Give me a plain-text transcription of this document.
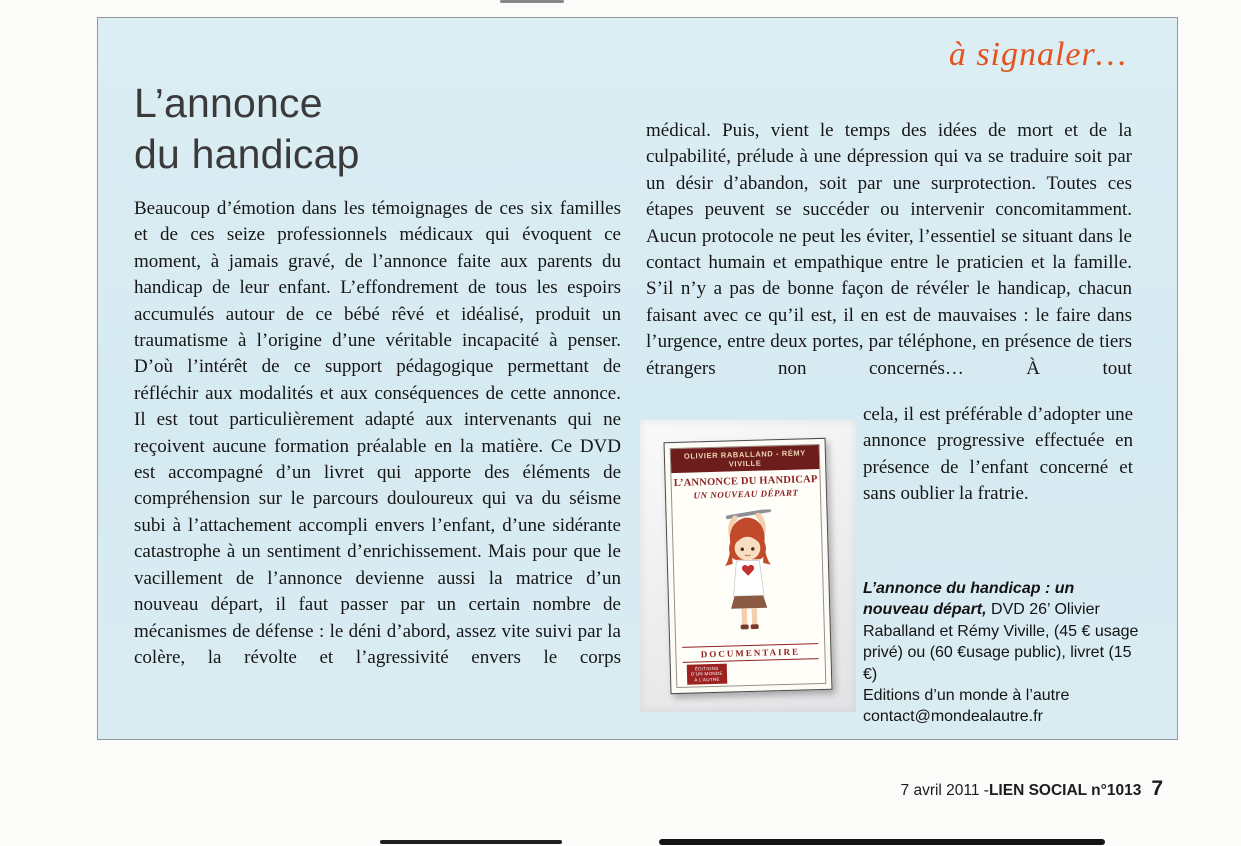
à signaler…
L’annonce
du handicap

Beaucoup d’émotion dans les témoignages de ces six familles et de ces seize professionnels médicaux qui évoquent ce moment, à jamais gravé, de l’annonce faite aux parents du handicap de leur enfant. L’effondrement de tous les espoirs accumulés autour de ce bébé rêvé et idéalisé, produit un traumatisme à l’origine d’une véritable incapacité à penser. D’où l’intérêt de ce support pédagogique permettant de réfléchir aux modalités et aux conséquences de cette annonce. Il est tout particulièrement adapté aux intervenants qui ne reçoivent aucune formation préalable en la matière. Ce DVD est accompagné d’un livret qui apporte des éléments de compréhension sur le parcours douloureux qui va du séisme subi à l’attachement accompli envers l’enfant, d’une sidérante catastrophe à un sentiment d’enrichissement. Mais pour que le vacillement de l’annonce devienne aussi la matrice d’un nouveau départ, il faut passer par un certain nombre de mécanismes de défense : le déni d’abord, assez vite suivi par la colère, la révolte et l’agressivité envers le corps

médical. Puis, vient le temps des idées de mort et de la culpabilité, prélude à une dépression qui va se traduire soit par un désir d’abandon, soit par une surprotection. Toutes ces étapes peuvent se succéder ou intervenir concomitamment. Aucun protocole ne peut les éviter, l’essentiel se situant dans le contact humain et empathique entre le praticien et la famille. S’il n’y a pas de bonne façon de révéler le handicap, chacun faisant avec ce qu’il est, il en est de mauvaises : le faire dans l’urgence, entre deux portes, par téléphone, en présence de tiers étrangers non concernés… À tout

cela, il est préférable d’adopter une annonce progressive effectuée en présence de l’enfant concerné et sans oublier la fratrie.

OLIVIER RABALLAND - RÉMY VIVILLE
L’ANNONCE DU HANDICAP
UN NOUVEAU DÉPART
DOCUMENTAIRE
ÉDITIONS
D’UN MONDE
À L’AUTRE

L’annonce du handicap : un nouveau départ, DVD 26’ Olivier Raballand et Rémy Viville, (45 € usage privé) ou (60 €usage public), livret (15 €)

Editions d’un monde à l’autre
contact@mondealautre.fr
7 avril 2011 - LIEN SOCIAL n°1013 7
